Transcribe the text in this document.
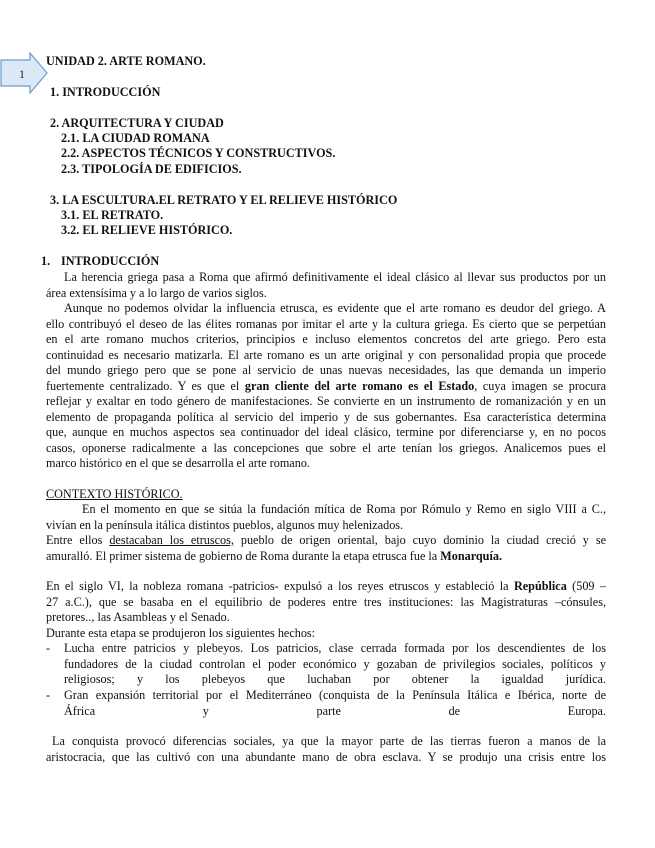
1
UNIDAD 2. ARTE ROMANO.
1. INTRODUCCIÓN
2. ARQUITECTURA Y CIUDAD
2.1. LA CIUDAD ROMANA
2.2. ASPECTOS TÉCNICOS Y CONSTRUCTIVOS.
2.3. TIPOLOGÍA DE EDIFICIOS.
3. LA ESCULTURA.EL RETRATO Y EL RELIEVE HISTÓRICO
3.1. EL RETRATO.
3.2. EL RELIEVE HISTÓRICO.
1. INTRODUCCIÓN
La herencia griega pasa a Roma que afirmó definitivamente el ideal clásico al llevar sus productos por un
área extensísima y a lo largo de varios siglos.
Aunque no podemos olvidar la influencia etrusca, es evidente que el arte romano es deudor del griego. A
ello contribuyó el deseo de las élites romanas por imitar el arte y la cultura griega. Es cierto que se perpetúan
en el arte romano muchos criterios, principios e incluso elementos concretos del arte griego. Pero esta
continuidad es necesario matizarla. El arte romano es un arte original y con personalidad propia que procede
del mundo griego pero que se pone al servicio de unas nuevas necesidades, las que demanda un imperio
fuertemente centralizado. Y es que el gran cliente del arte romano es el Estado, cuya imagen se procura
reflejar y exaltar en todo género de manifestaciones. Se convierte en un instrumento de romanización y en un
elemento de propaganda política al servicio del imperio y de sus gobernantes. Esa característica determina
que, aunque en muchos aspectos sea continuador del ideal clásico, termine por diferenciarse y, en no pocos
casos, oponerse radicalmente a las concepciones que sobre el arte tenían los griegos. Analicemos pues el
marco histórico en el que se desarrolla el arte romano.
CONTEXTO HISTÓRICO.
En el momento en que se sitúa la fundación mítica de Roma por Rómulo y Remo en siglo VIII a C.,
vivían en la península itálica distintos pueblos, algunos muy helenizados.
Entre ellos destacaban los etruscos, pueblo de origen oriental, bajo cuyo dominio la ciudad creció y se
amuralló. El primer sistema de gobierno de Roma durante la etapa etrusca fue la Monarquía.
En el siglo VI, la nobleza romana -patricios- expulsó a los reyes etruscos y estableció la República (509 –
27 a.C.), que se basaba en el equilibrio de poderes entre tres instituciones: las Magistraturas –cónsules,
pretores.., las Asambleas y el Senado.
Durante esta etapa se produjeron los siguientes hechos:
- Lucha entre patricios y plebeyos. Los patricios, clase cerrada formada por los descendientes de los
fundadores de la ciudad controlan el poder económico y gozaban de privilegios sociales, políticos y
religiosos; y los plebeyos que luchaban por obtener la igualdad jurídica.
- Gran expansión territorial por el Mediterráneo (conquista de la Península Itálica e Ibérica, norte de
África y parte de Europa.
La conquista provocó diferencias sociales, ya que la mayor parte de las tierras fueron a manos de la
aristocracia, que las cultivó con una abundante mano de obra esclava. Y se produjo una crisis entre los
